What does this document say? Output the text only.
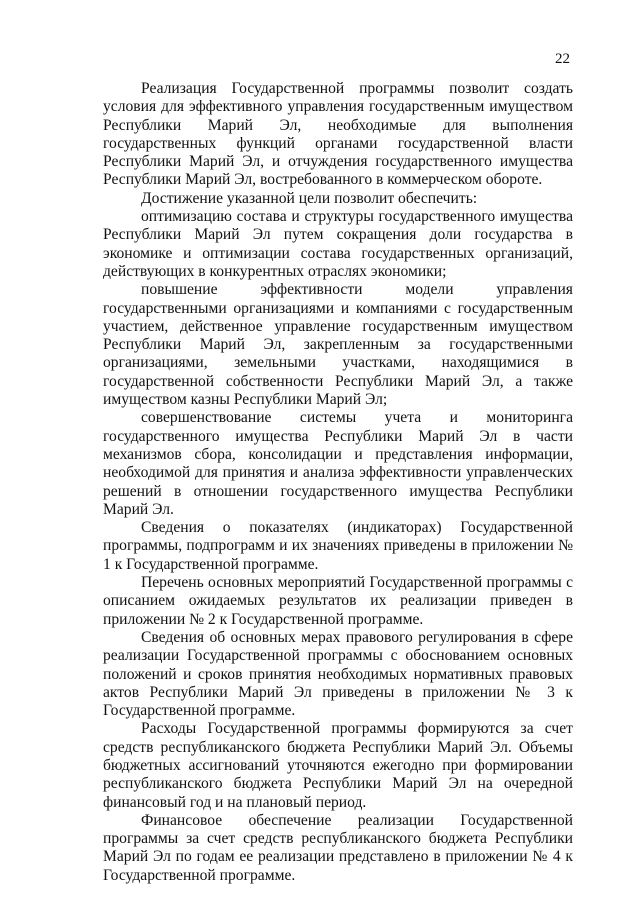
22

Реализация Государственной программы позволит создать условия для эффективного управления государственным имуществом Республики Марий Эл, необходимые для выполнения государственных функций органами государственной власти Республики Марий Эл, и отчуждения государственного имущества Республики Марий Эл, востребованного в коммерческом обороте.

Достижение указанной цели позволит обеспечить:

оптимизацию состава и структуры государственного имущества Республики Марий Эл путем сокращения доли государства в экономике и оптимизации состава государственных организаций, действующих в конкурентных отраслях экономики;

повышение эффективности модели управления государственными организациями и компаниями с государственным участием, действенное управление государственным имуществом Республики Марий Эл, закрепленным за государственными организациями, земельными участками, находящимися в государственной собственности Республики Марий Эл, а также имуществом казны Республики Марий Эл;

совершенствование системы учета и мониторинга государственного имущества Республики Марий Эл в части механизмов сбора, консолидации и представления информации, необходимой для принятия и анализа эффективности управленческих решений в отношении государственного имущества Республики Марий Эл.

Сведения о показателях (индикаторах) Государственной программы, подпрограмм и их значениях приведены в приложении № 1 к Государственной программе.

Перечень основных мероприятий Государственной программы с описанием ожидаемых результатов их реализации приведен в приложении № 2 к Государственной программе.

Сведения об основных мерах правового регулирования в сфере реализации Государственной программы с обоснованием основных положений и сроков принятия необходимых нормативных правовых актов Республики Марий Эл приведены в приложении № 3 к Государственной программе.

Расходы Государственной программы формируются за счет средств республиканского бюджета Республики Марий Эл. Объемы бюджетных ассигнований уточняются ежегодно при формировании республиканского бюджета Республики Марий Эл на очередной финансовый год и на плановый период.

Финансовое обеспечение реализации Государственной программы за счет средств республиканского бюджета Республики Марий Эл по годам ее реализации представлено в приложении № 4 к Государственной программе.
